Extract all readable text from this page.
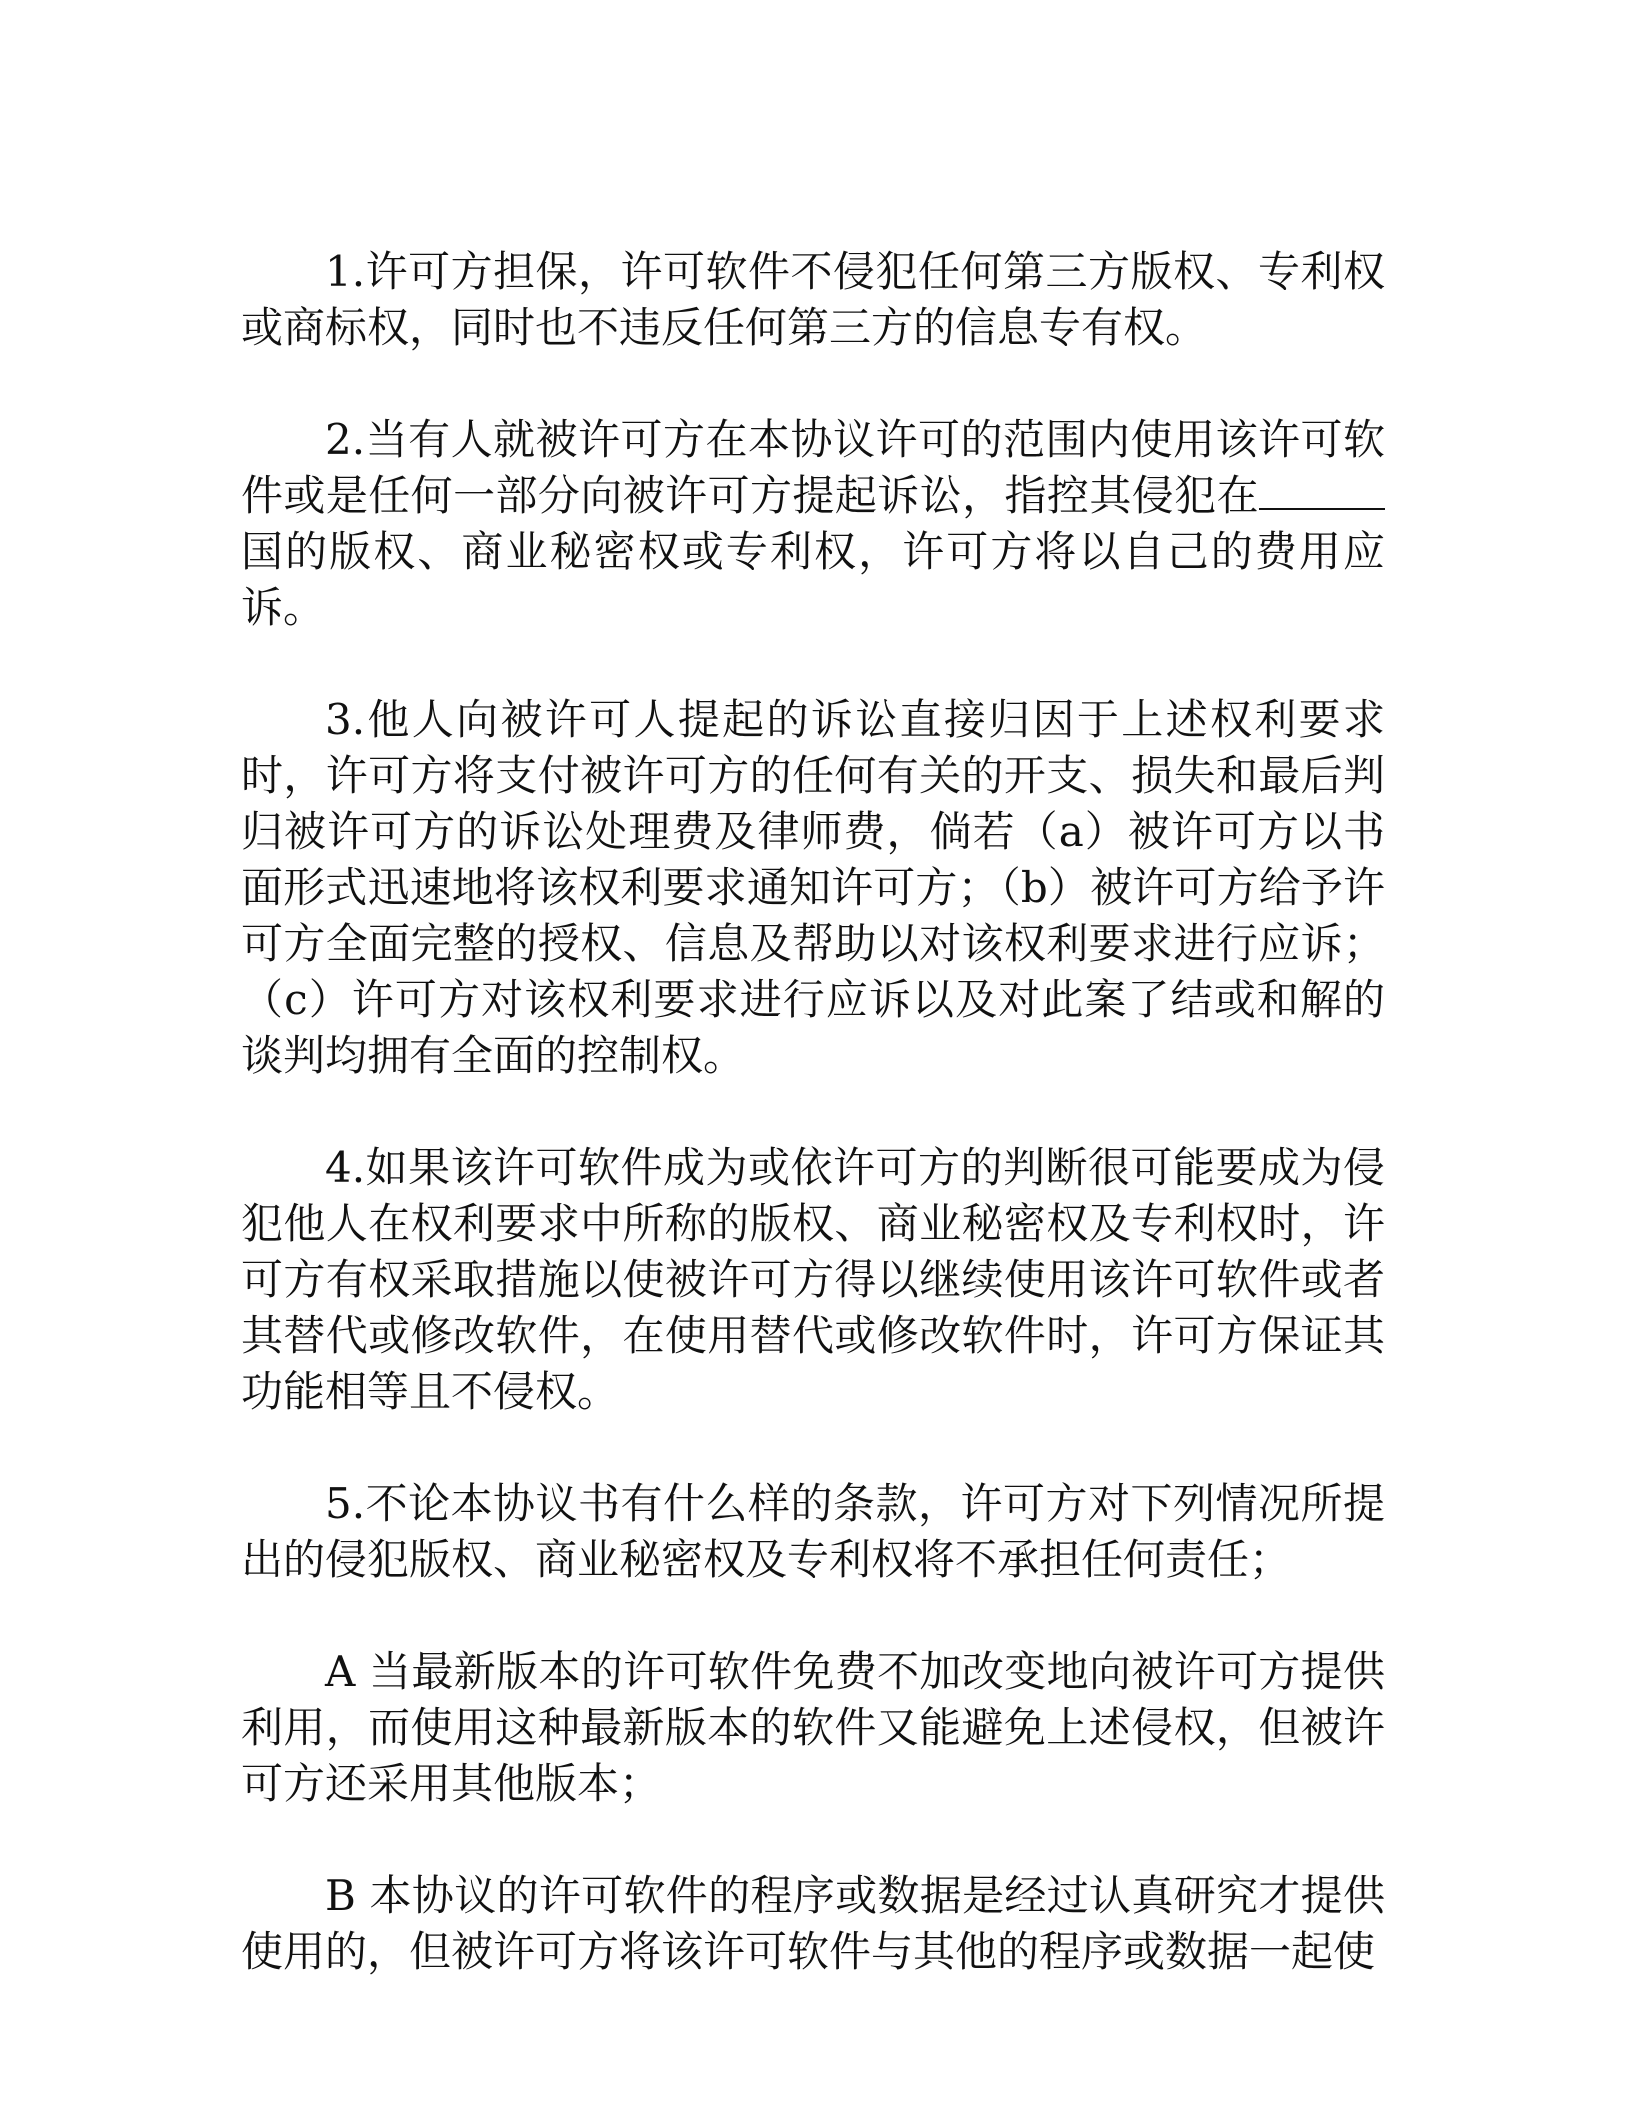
1.许可方担保，许可软件不侵犯任何第三方版权、专利权或商标权，同时也不违反任何第三方的信息专有权。

2.当有人就被许可方在本协议许可的范围内使用该许可软件或是任何一部分向被许可方提起诉讼，指控其侵犯在国的版权、商业秘密权或专利权，许可方将以自己的费用应诉。

3.他人向被许可人提起的诉讼直接归因于上述权利要求时，许可方将支付被许可方的任何有关的开支、损失和最后判归被许可方的诉讼处理费及律师费，倘若（a）被许可方以书面形式迅速地将该权利要求通知许可方；（b）被许可方给予许可方全面完整的授权、信息及帮助以对该权利要求进行应诉；（c）许可方对该权利要求进行应诉以及对此案了结或和解的谈判均拥有全面的控制权。

4.如果该许可软件成为或依许可方的判断很可能要成为侵犯他人在权利要求中所称的版权、商业秘密权及专利权时，许可方有权采取措施以使被许可方得以继续使用该许可软件或者其替代或修改软件，在使用替代或修改软件时，许可方保证其功能相等且不侵权。

5.不论本协议书有什么样的条款，许可方对下列情况所提出的侵犯版权、商业秘密权及专利权将不承担任何责任；

A 当最新版本的许可软件免费不加改变地向被许可方提供利用，而使用这种最新版本的软件又能避免上述侵权，但被许可方还采用其他版本；

B 本协议的许可软件的程序或数据是经过认真研究才提供使用的，但被许可方将该许可软件与其他的程序或数据一起使
